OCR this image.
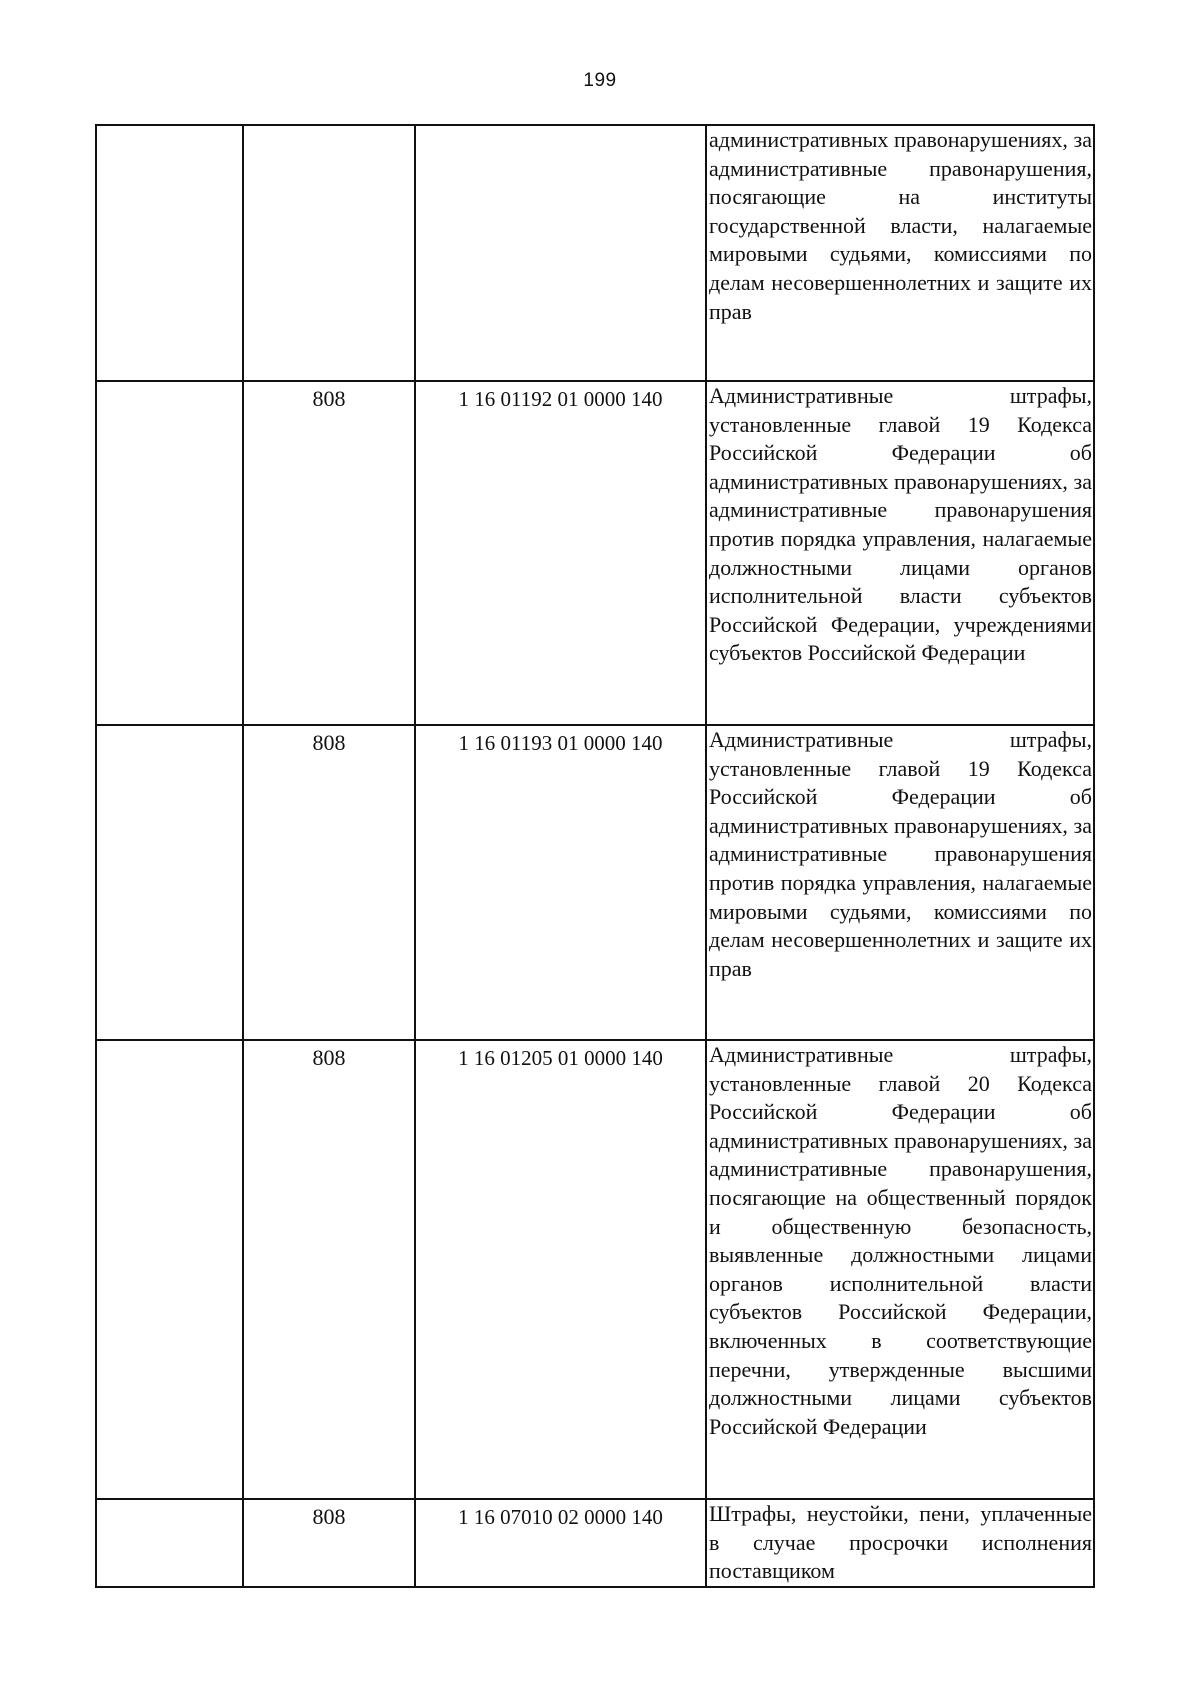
199

			административных правонарушениях, за административные правонарушения, посягающие на институты государственной власти, налагаемые мировыми судьями, комиссиями по делам несовершеннолетних и защите их прав

	808	1 16 01192 01 0000 140	Административные штрафы, установленные главой 19 Кодекса Российской Федерации об административных правонарушениях, за административные правонарушения против порядка управления, налагаемые должностными лицами органов исполнительной власти субъектов Российской Федерации, учреждениями субъектов Российской Федерации

	808	1 16 01193 01 0000 140	Административные штрафы, установленные главой 19 Кодекса Российской Федерации об административных правонарушениях, за административные правонарушения против порядка управления, налагаемые мировыми судьями, комиссиями по делам несовершеннолетних и защите их прав

	808	1 16 01205 01 0000 140	Административные штрафы, установленные главой 20 Кодекса Российской Федерации об административных правонарушениях, за административные правонарушения, посягающие на общественный порядок и общественную безопасность, выявленные должностными лицами органов исполнительной власти субъектов Российской Федерации, включенных в соответствующие перечни, утвержденные высшими должностными лицами субъектов Российской Федерации

	808	1 16 07010 02 0000 140	Штрафы, неустойки, пени, уплаченные в случае просрочки исполнения поставщиком
